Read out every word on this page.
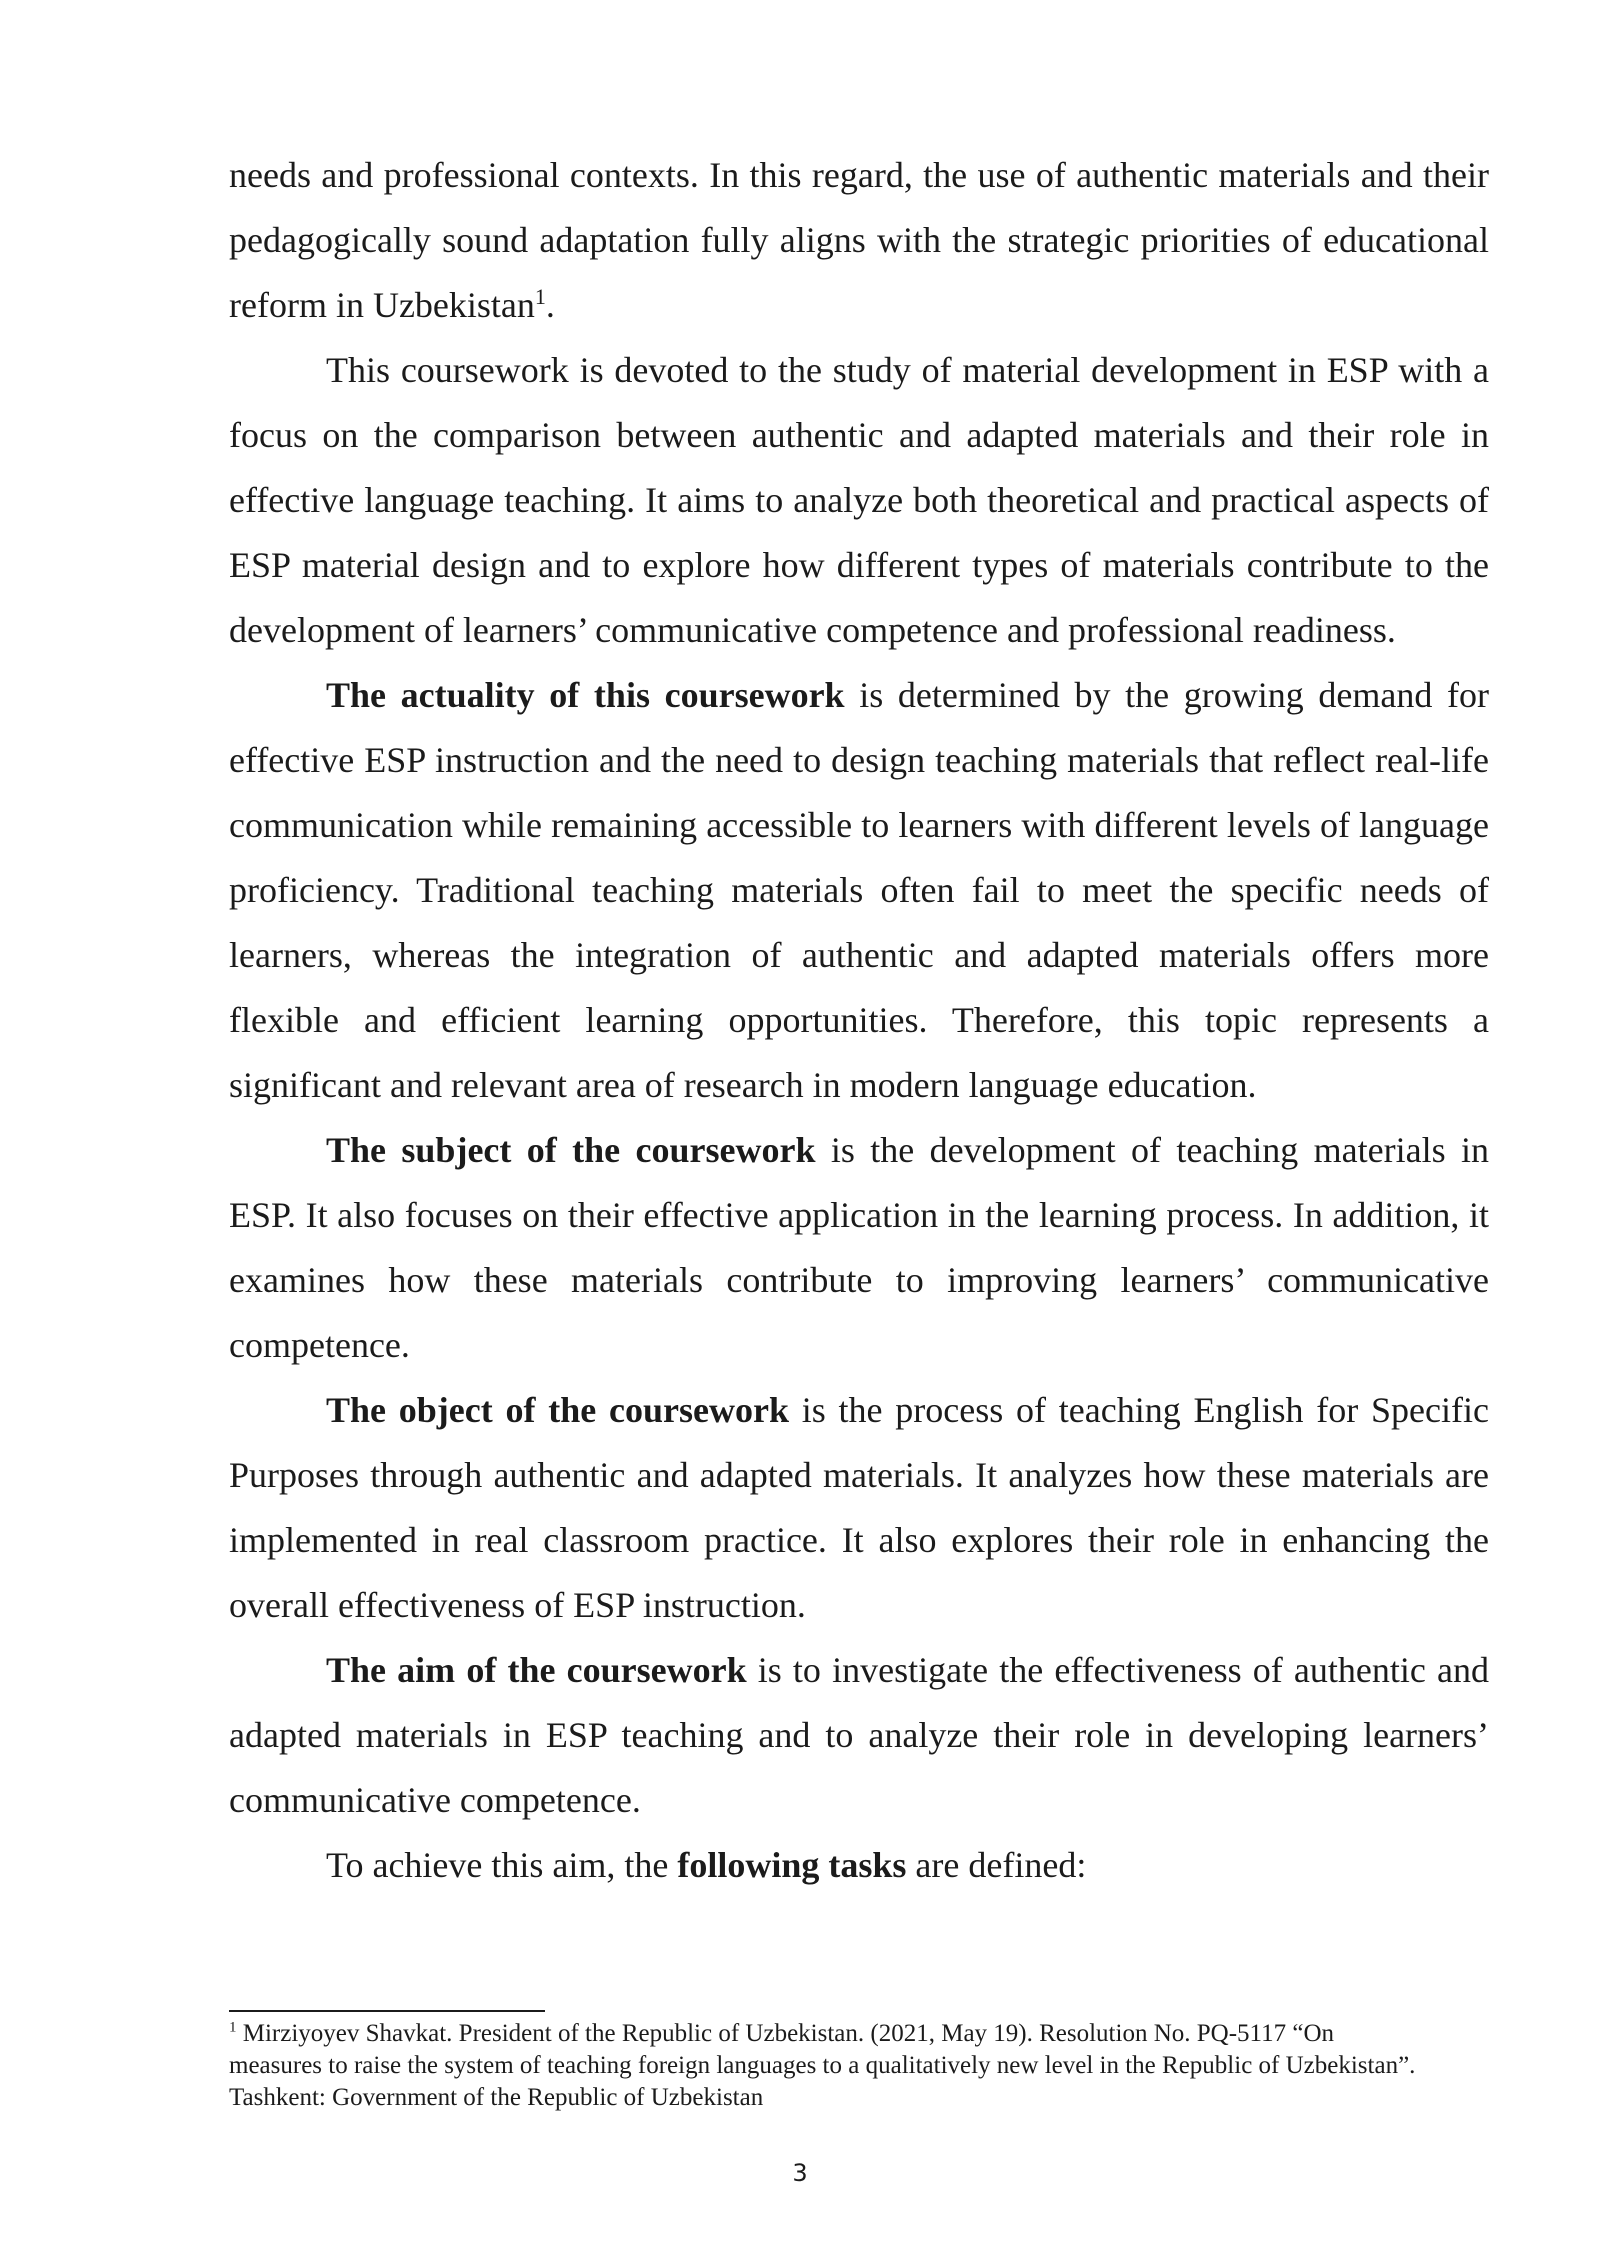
needs and professional contexts. In this regard, the use of authentic materials and their pedagogically sound adaptation fully aligns with the strategic priorities of educational reform in Uzbekistan$^1$.

This coursework is devoted to the study of material development in ESP with a focus on the comparison between authentic and adapted materials and their role in effective language teaching. It aims to analyze both theoretical and practical aspects of ESP material design and to explore how different types of materials contribute to the development of learners’ communicative competence and professional readiness.

The actuality of this coursework is determined by the growing demand for effective ESP instruction and the need to design teaching materials that reflect real-life communication while remaining accessible to learners with different levels of language proficiency. Traditional teaching materials often fail to meet the specific needs of learners, whereas the integration of authentic and adapted materials offers more flexible and efficient learning opportunities. Therefore, this topic represents a significant and relevant area of research in modern language education.

The subject of the coursework is the development of teaching materials in ESP. It also focuses on their effective application in the learning process. In addition, it examines how these materials contribute to improving learners’ communicative competence.

The object of the coursework is the process of teaching English for Specific Purposes through authentic and adapted materials. It analyzes how these materials are implemented in real classroom practice. It also explores their role in enhancing the overall effectiveness of ESP instruction.

The aim of the coursework is to investigate the effectiveness of authentic and adapted materials in ESP teaching and to analyze their role in developing learners’ communicative competence.

To achieve this aim, the following tasks are defined:

$^1$ Mirziyoyev Shavkat. President of the Republic of Uzbekistan. (2021, May 19). Resolution No. PQ-5117 “On measures to raise the system of teaching foreign languages to a qualitatively new level in the Republic of Uzbekistan”. Tashkent: Government of the Republic of Uzbekistan

3
